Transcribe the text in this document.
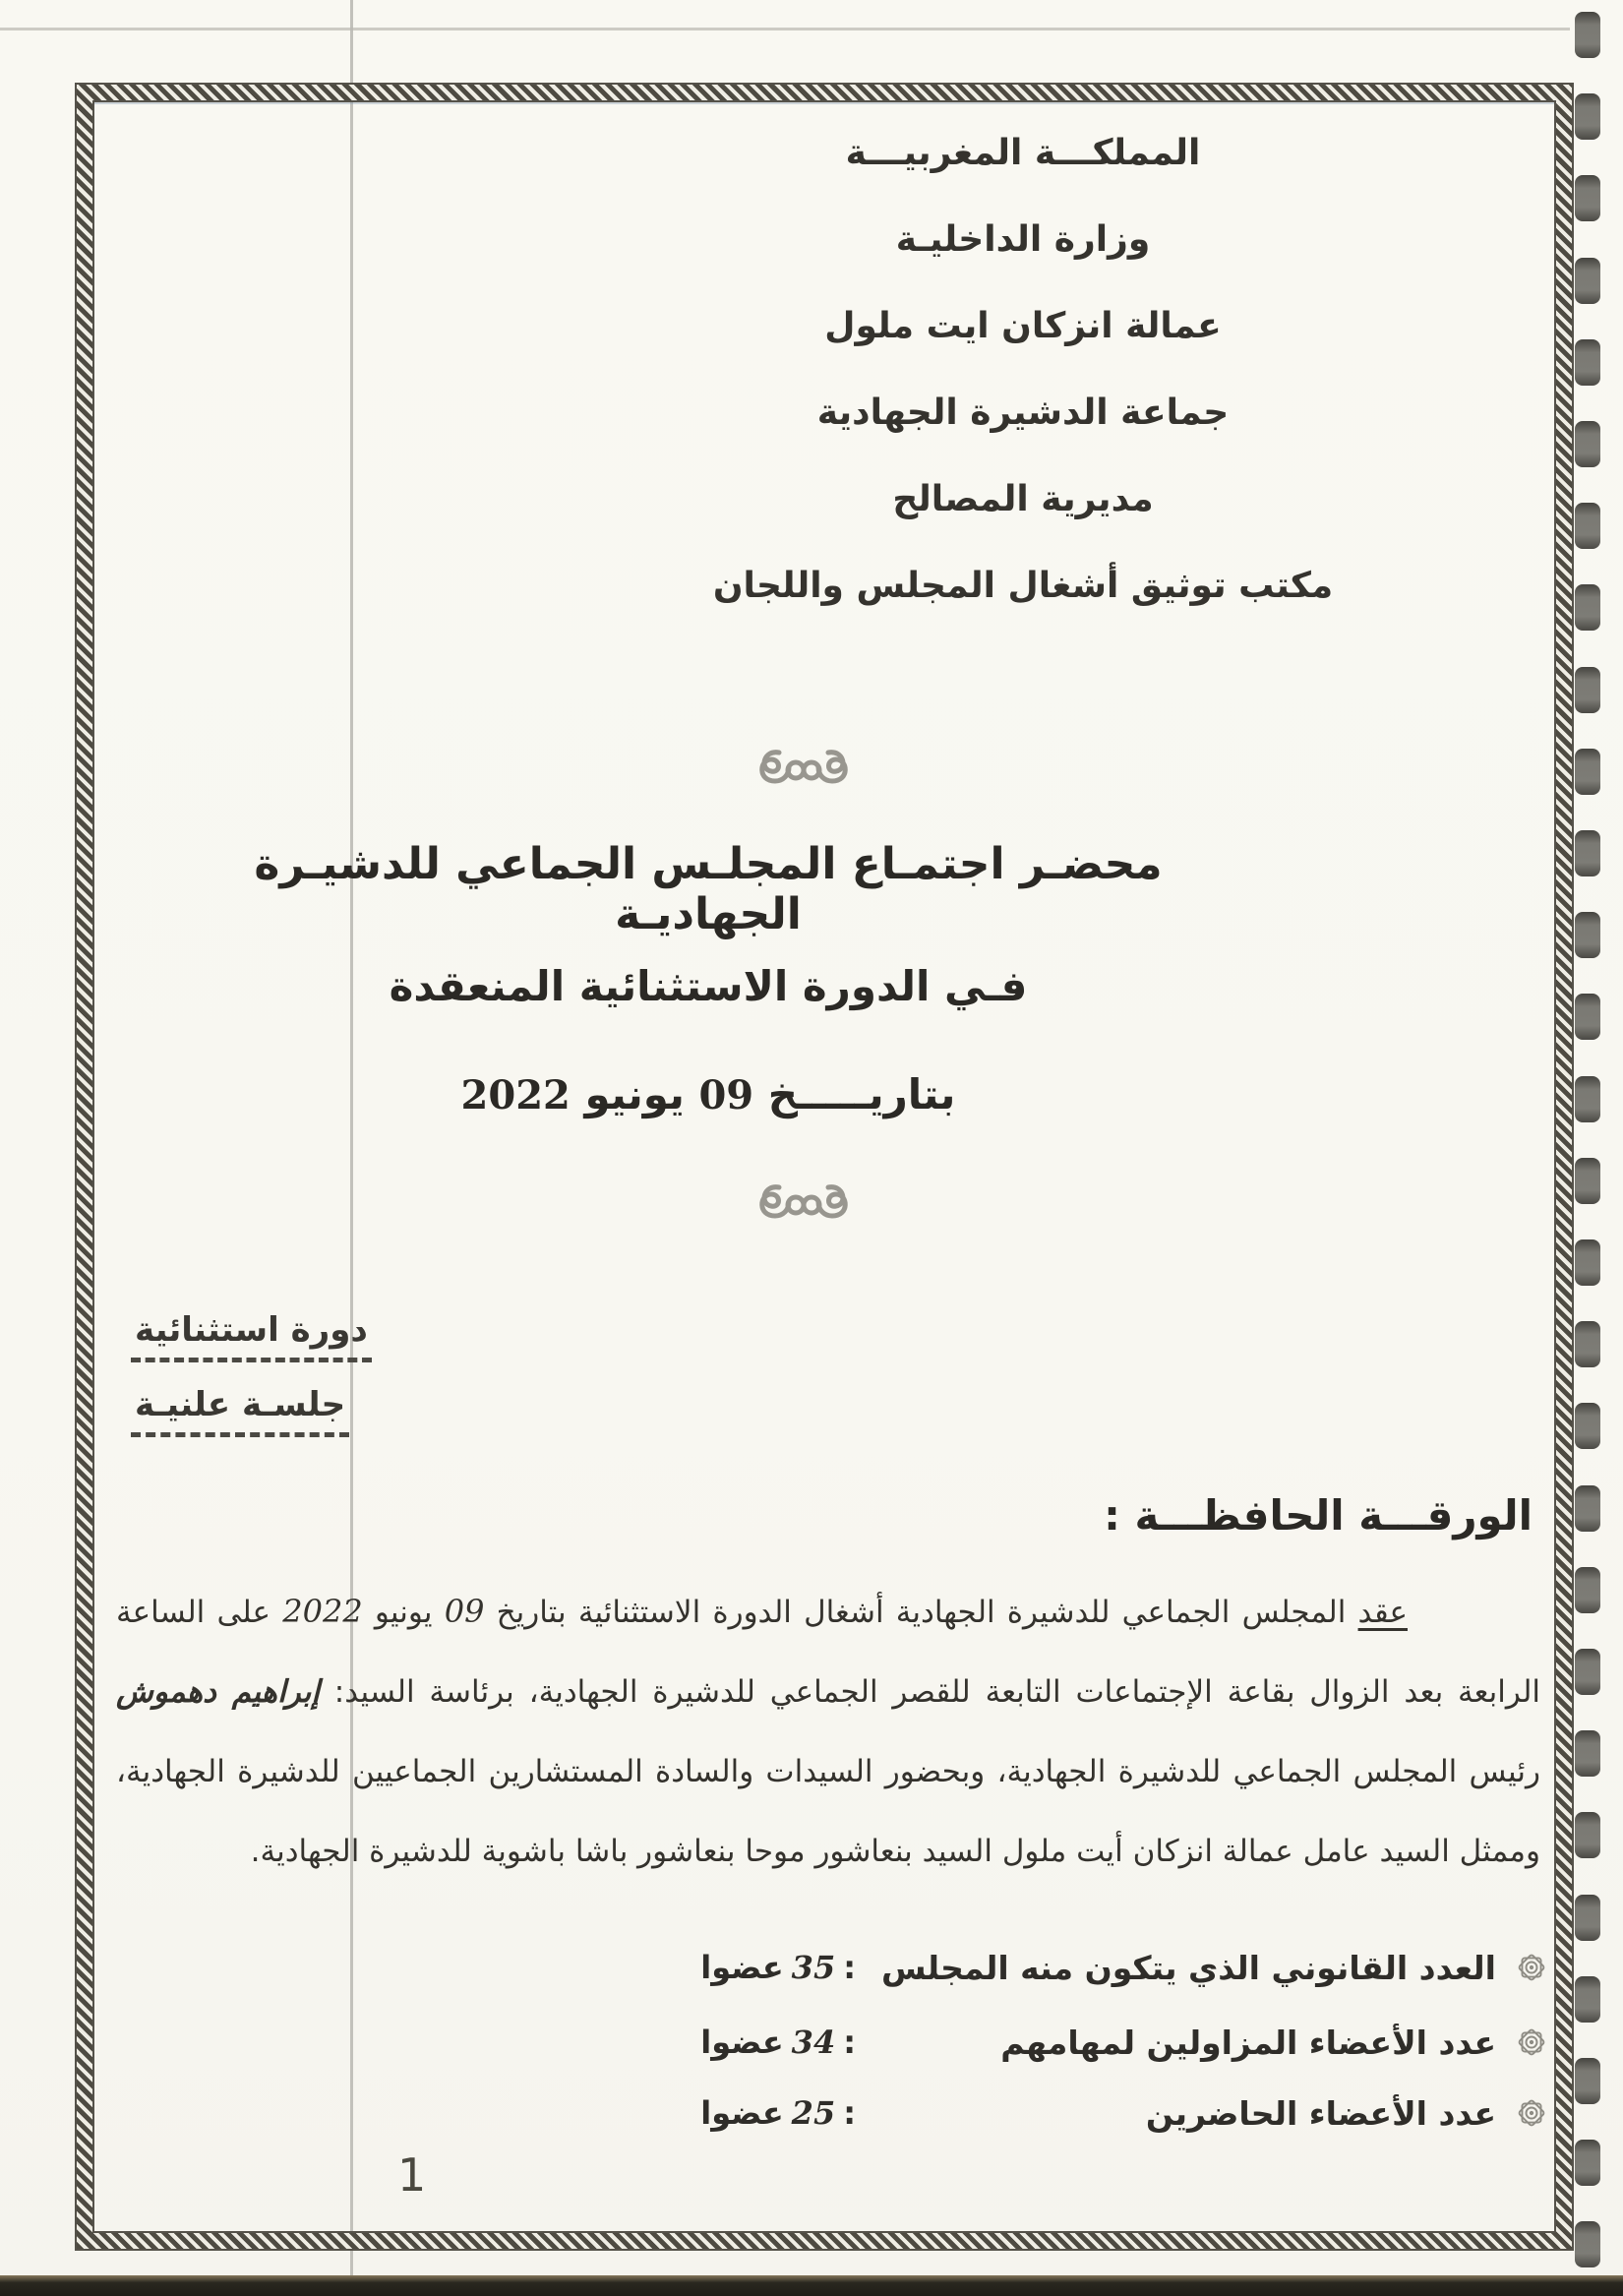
المملكـــة المغربيـــة
وزارة الداخليـة
عمالة انزكان ايت ملول
جماعة الدشيرة الجهادية
مديرية المصالح
مكتب توثيق أشغال المجلس واللجان
محضـر اجتمـاع المجلـس الجماعي للدشيـرة الجهاديـة
فـي الدورة الاستثنائية المنعقدة
بتاريـــــخ 09 يونيو 2022
دورة استثنائية
جلسـة علنيـة
الورقـــة الحافظـــة :

عقد المجلس الجماعي للدشيرة الجهادية أشغال الدورة الاستثنائية بتاريخ 09 يونيو 2022 على الساعة الرابعة بعد الزوال بقاعة الإجتماعات التابعة للقصر الجماعي للدشيرة الجهادية، برئاسة السيد: إبراهيم دهموش رئيس المجلس الجماعي للدشيرة الجهادية، وبحضور السيدات والسادة المستشارين الجماعيين للدشيرة الجهادية، وممثل السيد عامل عمالة انزكان أيت ملول السيد بنعاشور موحا بنعاشور باشا باشوية للدشيرة الجهادية.

العدد القانوني الذي يتكون منه المجلس
:35عضوا
عدد الأعضاء المزاولين لمهامهم
:34عضوا
عدد الأعضاء الحاضرين
:25عضوا
1
